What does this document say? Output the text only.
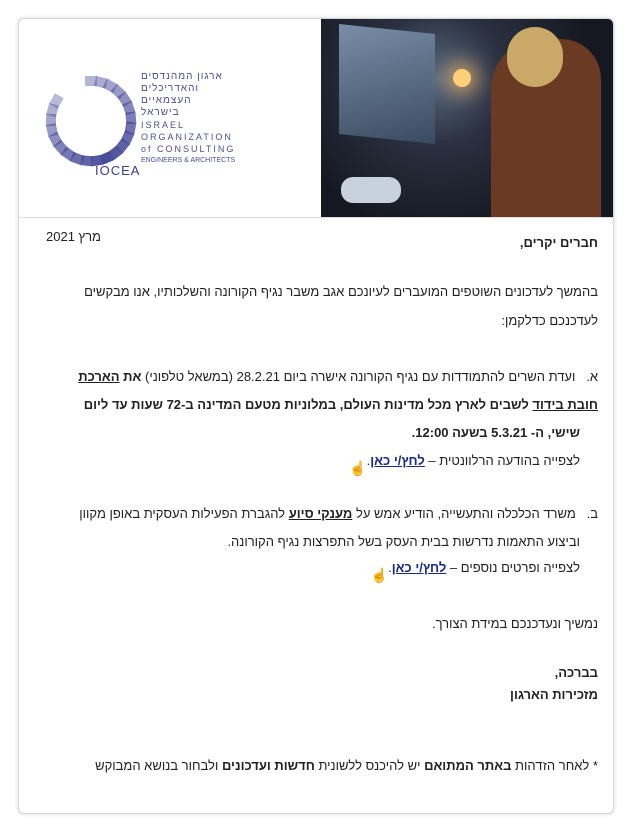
IOCEA
ארגון המהנדסים
והאדריכלים
העצמאיים
בישראל
ISRAEL
ORGANIZATION
of CONSULTING
ENGINEERS & ARCHITECTS
מרץ 2021	חברים יקרים,
בהמשך לעדכונים השוטפים המועברים לעיונכם אגב משבר נגיף הקורונה והשלכותיו, אנו מבקשים
לעדכנכם כדלקמן:
א.   ועדת השרים להתמודדות עם נגיף הקורונה אישרה ביום 28.2.21 (במשאל טלפוני) את הארכת
חובת בידוד לשבים לארץ מכל מדינות העולם, במלוניות מטעם המדינה ב-72 שעות עד ליום
שישי, ה- 5.3.21 בשעה 12:00.
לצפייה בהודעה הרלוונטית – לחץ/י כאן.☝
ב.   משרד הכלכלה והתעשייה, הודיע אמש על מענקי סיוע להגברת הפעילות העסקית באופן מקוון
וביצוע התאמות נדרשות בבית העסק בשל התפרצות נגיף הקורונה.
לצפייה ופרטים נוספים – לחץ/י כאן.☝
נמשיך ונעדכנכם במידת הצורך.
בברכה,
מזכירות הארגון
* לאחר הזדהות באתר המתואם יש להיכנס ללשונית חדשות ועדכונים ולבחור בנושא המבוקש
